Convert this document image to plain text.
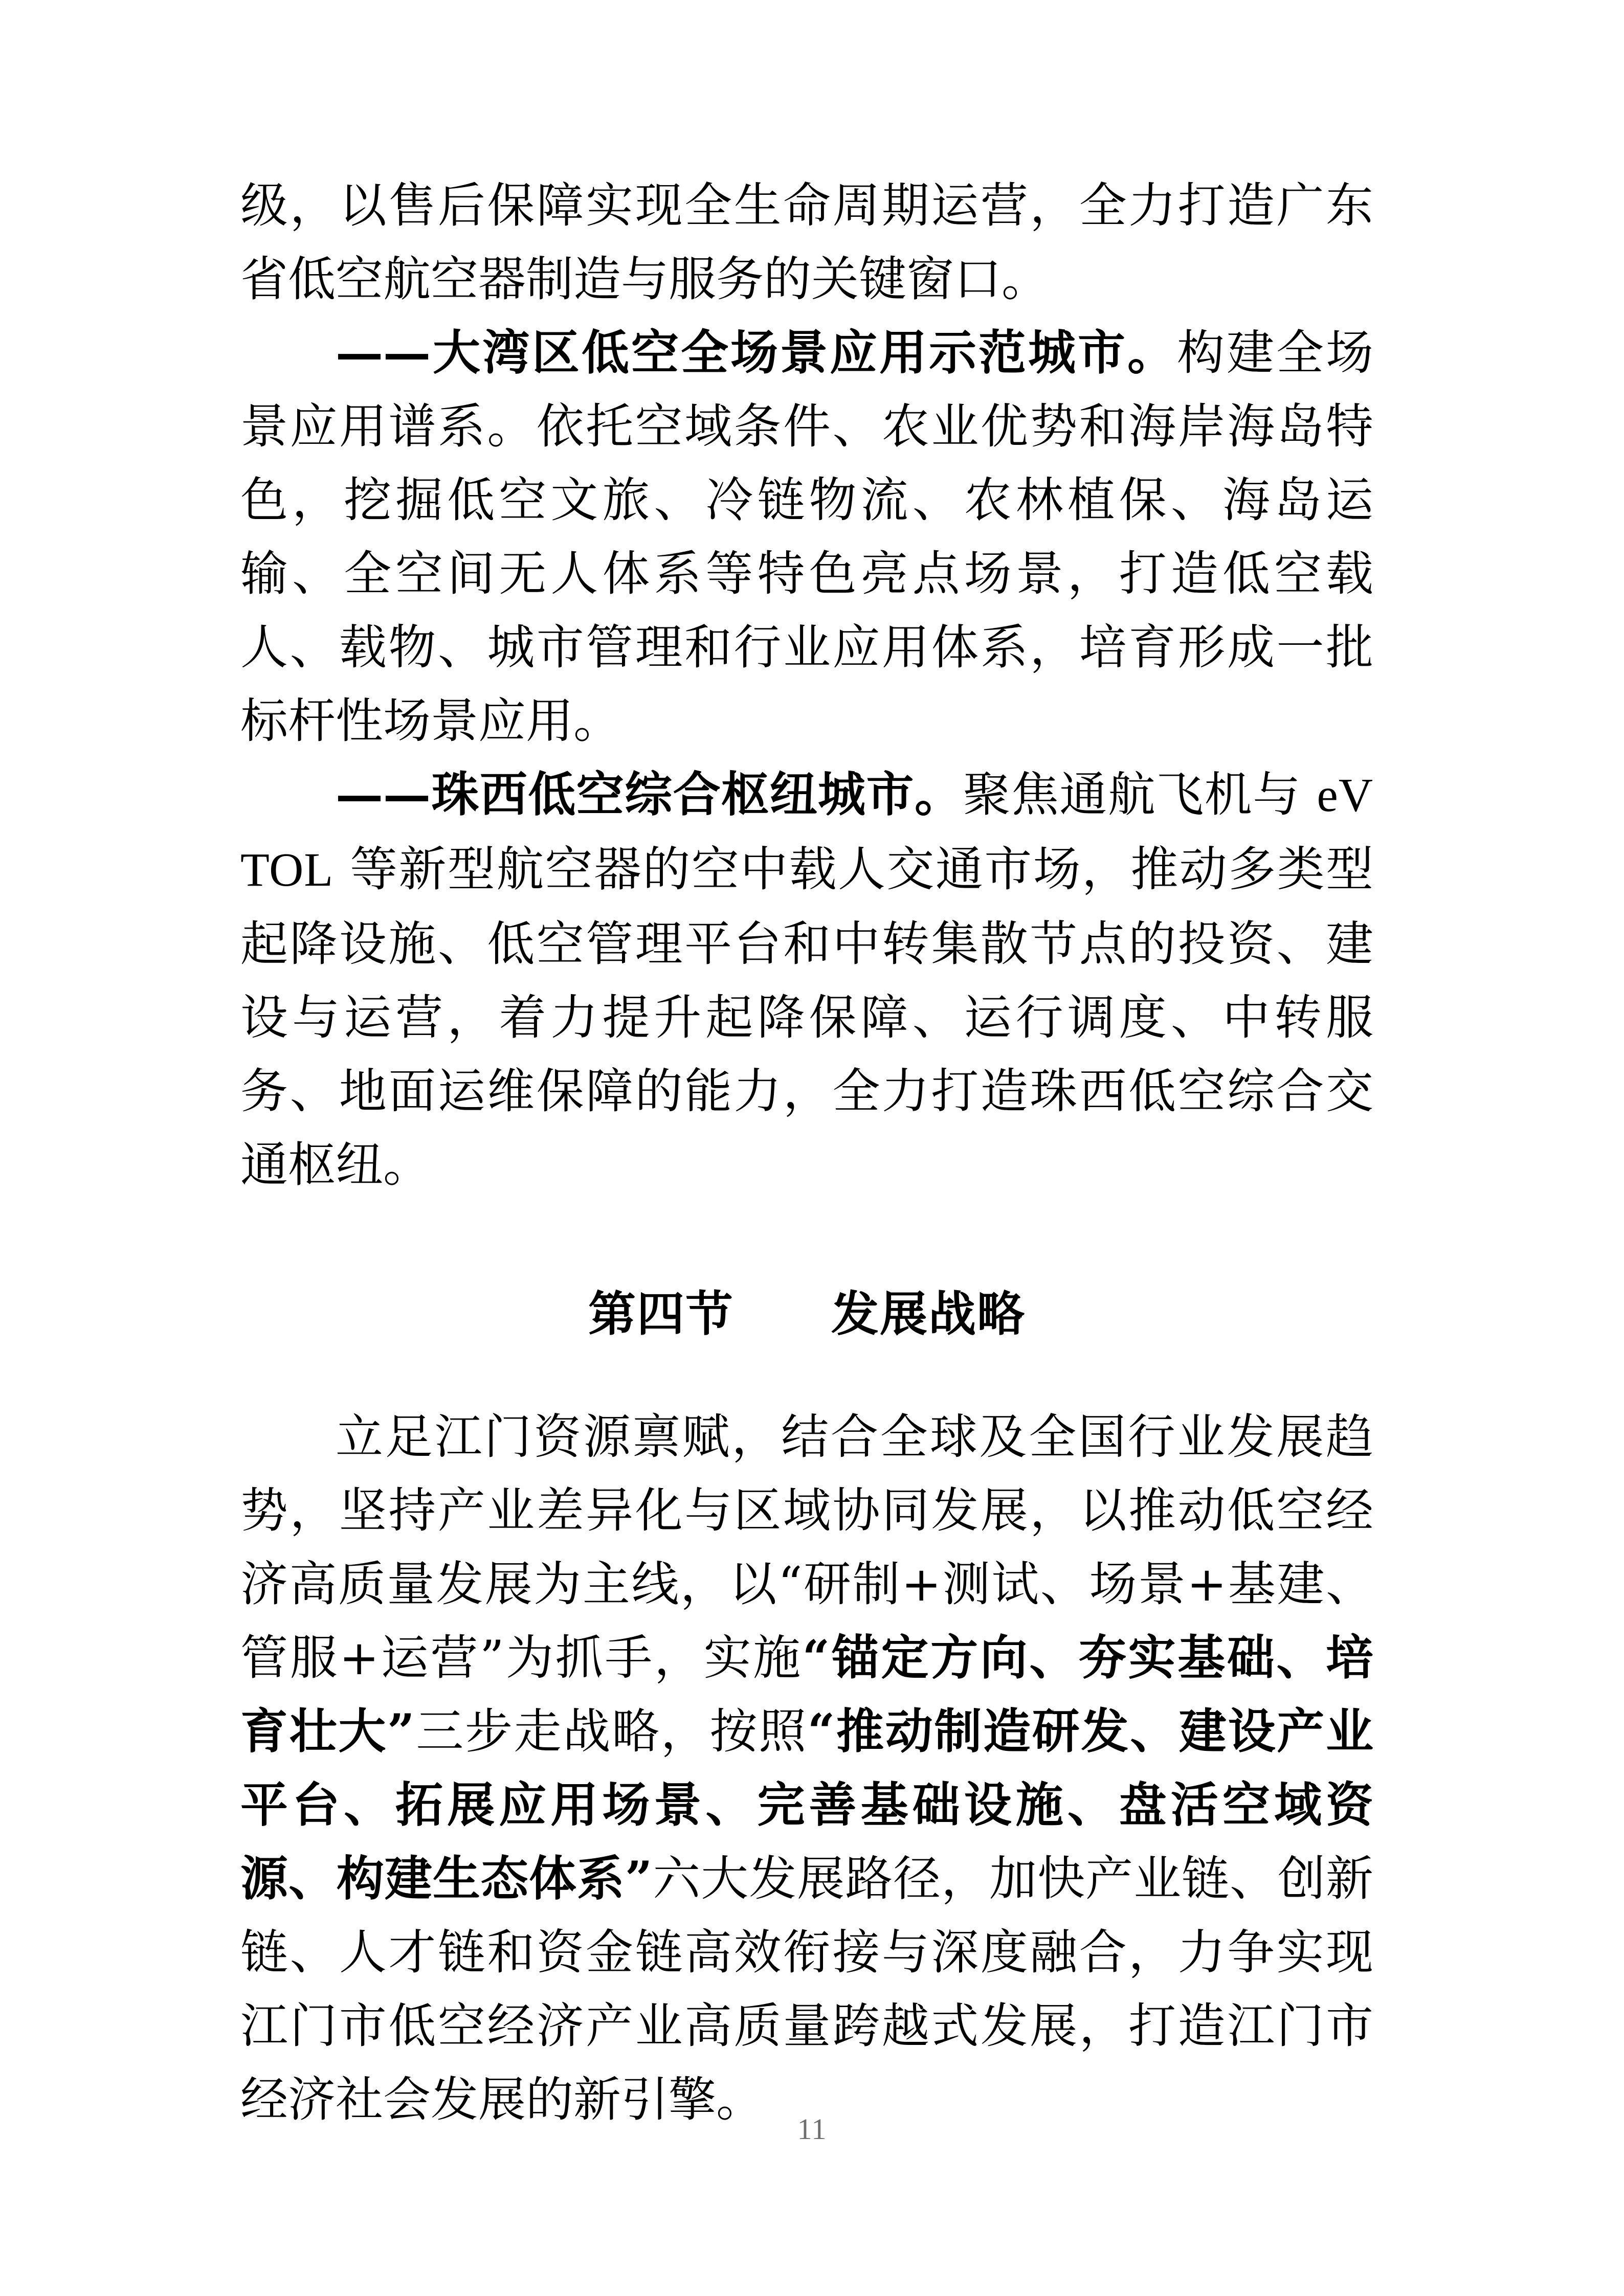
级，以售后保障实现全生命周期运营，全力打造广东省低空航空器制造与服务的关键窗口。

——大湾区低空全场景应用示范城市。构建全场景应用谱系。依托空域条件、农业优势和海岸海岛特色，挖掘低空文旅、冷链物流、农林植保、海岛运输、全空间无人体系等特色亮点场景，打造低空载人、载物、城市管理和行业应用体系，培育形成一批标杆性场景应用。

——珠西低空综合枢纽城市。聚焦通航飞机与 eVTOL 等新型航空器的空中载人交通市场，推动多类型起降设施、低空管理平台和中转集散节点的投资、建设与运营，着力提升起降保障、运行调度、中转服务、地面运维保障的能力，全力打造珠西低空综合交通枢纽。

第四节　　发展战略

立足江门资源禀赋，结合全球及全国行业发展趋势，坚持产业差异化与区域协同发展，以推动低空经济高质量发展为主线，以“研制+测试、场景+基建、管服+运营”为抓手，实施“锚定方向、夯实基础、培育壮大”三步走战略，按照“推动制造研发、建设产业平台、拓展应用场景、完善基础设施、盘活空域资源、构建生态体系”六大发展路径，加快产业链、创新链、人才链和资金链高效衔接与深度融合，力争实现江门市低空经济产业高质量跨越式发展，打造江门市经济社会发展的新引擎。

11
